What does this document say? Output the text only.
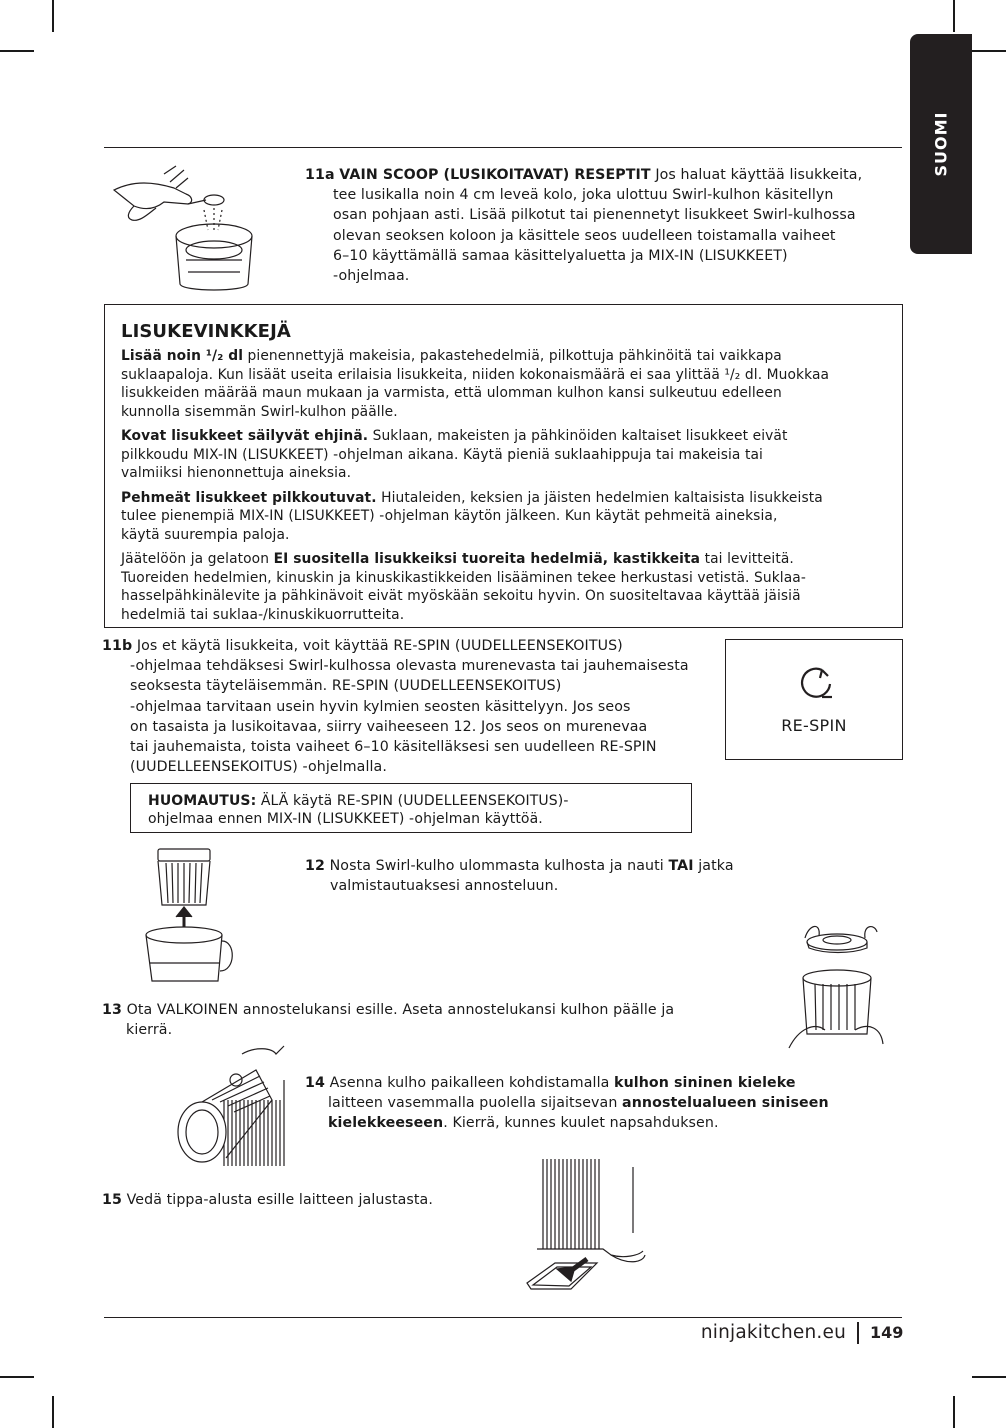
SUOMI
11a VAIN SCOOP (LUSIKOITAVAT) RESEPTIT Jos haluat käyttää lisukkeita,
tee lusikalla noin 4 cm leveä kolo, joka ulottuu Swirl-kulhon käsitellyn
osan pohjaan asti. Lisää pilkotut tai pienennetyt lisukkeet Swirl-kulhossa
olevan seoksen koloon ja käsittele seos uudelleen toistamalla vaiheet
6–10 käyttämällä samaa käsittelyaluetta ja MIX-IN (LISUKKEET)
-ohjelmaa.
LISUKEVINKKEJÄ

Lisää noin ¹/₂ dl pienennettyjä makeisia, pakastehedelmiä, pilkottuja pähkinöitä tai vaikkapa
suklaapaloja. Kun lisäät useita erilaisia lisukkeita, niiden kokonaismäärä ei saa ylittää ¹/₂ dl. Muokkaa
lisukkeiden määrää maun mukaan ja varmista, että ulomman kulhon kansi sulkeutuu edelleen
kunnolla sisemmän Swirl-kulhon päälle.

Kovat lisukkeet säilyvät ehjinä. Suklaan, makeisten ja pähkinöiden kaltaiset lisukkeet eivät
pilkkoudu MIX-IN (LISUKKEET) -ohjelman aikana. Käytä pieniä suklaahippuja tai makeisia tai
valmiiksi hienonnettuja aineksia.

Pehmeät lisukkeet pilkkoutuvat. Hiutaleiden, keksien ja jäisten hedelmien kaltaisista lisukkeista
tulee pienempiä MIX-IN (LISUKKEET) -ohjelman käytön jälkeen. Kun käytät pehmeitä aineksia,
käytä suurempia paloja.

Jäätelöön ja gelatoon EI suositella lisukkeiksi tuoreita hedelmiä, kastikkeita tai levitteitä.
Tuoreiden hedelmien, kinuskin ja kinuskikastikkeiden lisääminen tekee herkustasi vetistä. Suklaa-
hasselpähkinälevite ja pähkinävoit eivät myöskään sekoitu hyvin. On suositeltavaa käyttää jäisiä
hedelmiä tai suklaa-/kinuskikuorrutteita.

11b Jos et käytä lisukkeita, voit käyttää RE-SPIN (UUDELLEENSEKOITUS)
-ohjelmaa tehdäksesi Swirl-kulhossa olevasta murenevasta tai jauhemaisesta
seoksesta täyteläisemmän. RE-SPIN (UUDELLEENSEKOITUS)
-ohjelmaa tarvitaan usein hyvin kylmien seosten käsittelyyn. Jos seos
on tasaista ja lusikoitavaa, siirry vaiheeseen 12. Jos seos on murenevaa
tai jauhemaista, toista vaiheet 6–10 käsitelläksesi sen uudelleen RE-SPIN
(UUDELLEENSEKOITUS) -ohjelmalla.
RE-SPIN
HUOMAUTUS: ÄLÄ käytä RE-SPIN (UUDELLEENSEKOITUS)-
ohjelmaa ennen MIX-IN (LISUKKEET) -ohjelman käyttöä.
12 Nosta Swirl-kulho ulommasta kulhosta ja nauti TAI jatka
valmistautuaksesi annosteluun.
13 Ota VALKOINEN annostelukansi esille. Aseta annostelukansi kulhon päälle ja
kierrä.
14 Asenna kulho paikalleen kohdistamalla kulhon sininen kieleke
laitteen vasemmalla puolella sijaitsevan annostelualueen siniseen
kielekkeeseen. Kierrä, kunnes kuulet napsahduksen.
15 Vedä tippa-alusta esille laitteen jalustasta.
ninjakitchen.eu 149
